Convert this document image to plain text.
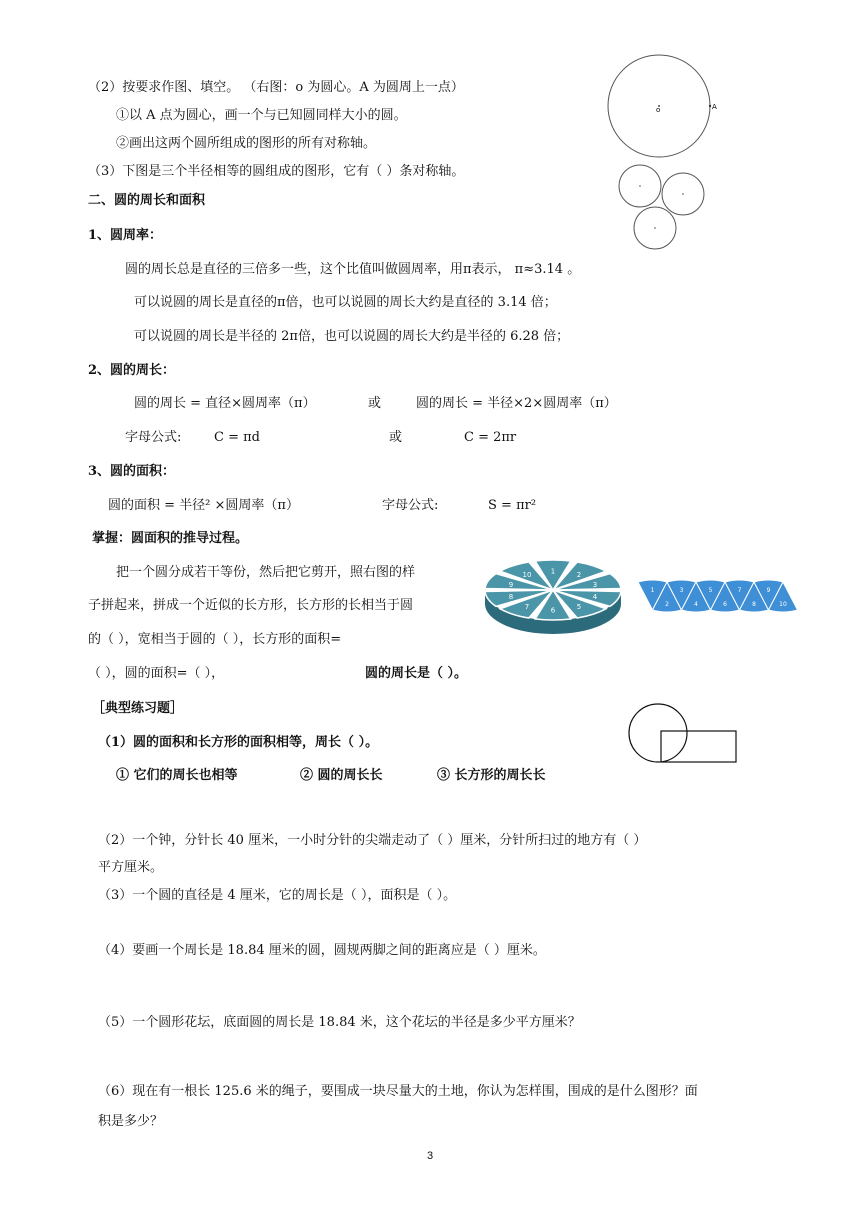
（2）按要求作图、填空。 （右图：o 为圆心。A 为圆周上一点）
①以 A 点为圆心，画一个与已知圆同样大小的圆。
②画出这两个圆所组成的图形的所有对称轴。
（3）下图是三个半径相等的圆组成的图形，它有（ ）条对称轴。
o	A
二、圆的周长和面积
1、圆周率：
圆的周长总是直径的三倍多一些，这个比值叫做圆周率，用π表示， π≈3.14 。
可以说圆的周长是直径的π倍，也可以说圆的周长大约是直径的 3.14 倍；
可以说圆的周长是半径的 2π倍，也可以说圆的周长大约是半径的 6.28 倍；
2、圆的周长：
圆的周长 = 直径×圆周率（π）	或	圆的周长 = 半径×2×圆周率（π）
字母公式:	C = πd	或	C = 2πr
3、圆的面积：
圆的面积 = 半径² ×圆周率（π）	字母公式:	S = πr²
掌握：圆面积的推导过程。
把一个圆分成若干等份，然后把它剪开，照右图的样
子拼起来，拼成一个近似的长方形，长方形的长相当于圆
的（ ），宽相当于圆的（ ），长方形的面积=
（ ），圆的面积=（ ），	圆的周长是（ ）。
1	2
3
4
5
6
7
8
9
10
1
2
3
4
5
6
7
8
9
10
［典型练习题］
（1）圆的面积和长方形的面积相等，周长（ ）。
① 它们的周长也相等	② 圆的周长长	③ 长方形的周长长
（2）一个钟，分针长 40 厘米，一小时分针的尖端走动了（ ）厘米，分针所扫过的地方有（ ）
平方厘米。
（3）一个圆的直径是 4 厘米，它的周长是（ ），面积是（ ）。
（4）要画一个周长是 18.84 厘米的圆，圆规两脚之间的距离应是（ ）厘米。
（5）一个圆形花坛，底面圆的周长是 18.84 米，这个花坛的半径是多少平方厘米？
（6）现在有一根长 125.6 米的绳子，要围成一块尽量大的土地，你认为怎样围，围成的是什么图形？面
积是多少？
3
